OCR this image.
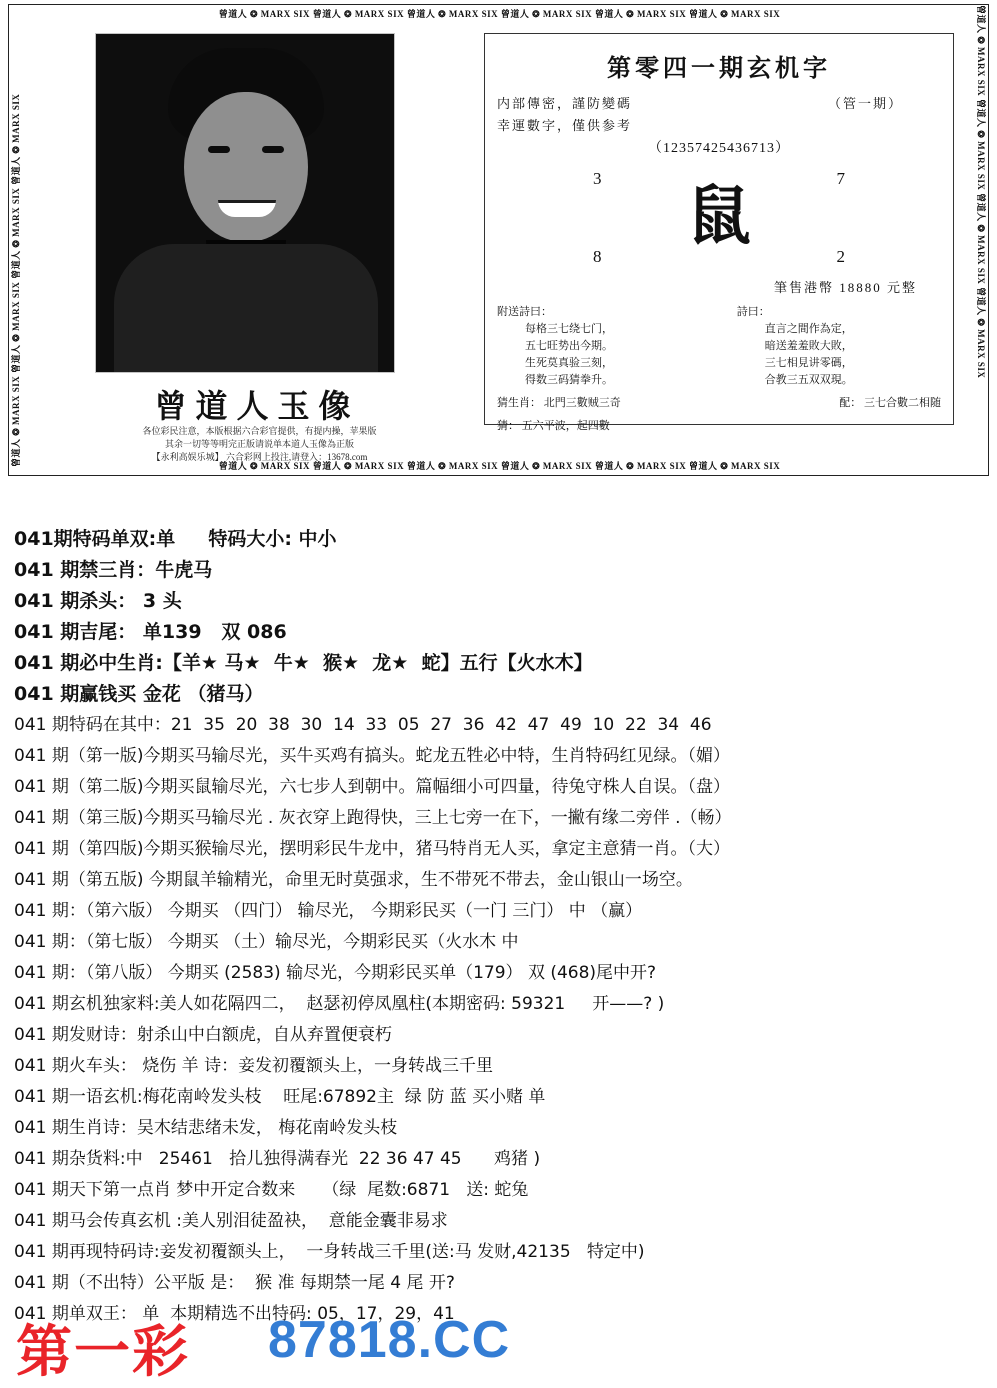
曾道人 ❂ MARX SIX 曾道人 ❂ MARX SIX 曾道人 ❂ MARX SIX 曾道人 ❂ MARX SIX 曾道人 ❂ MARX SIX 曾道人 ❂ MARX SIX
曾道人 ❂ MARX SIX 曾道人 ❂ MARX SIX 曾道人 ❂ MARX SIX 曾道人 ❂ MARX SIX 曾道人 ❂ MARX SIX 曾道人 ❂ MARX SIX
曾道人 ❂ MARX SIX 曾道人 ❂ MARX SIX 曾道人 ❂ MARX SIX 曾道人 ❂ MARX SIX	曾道人 ❂ MARX SIX 曾道人 ❂ MARX SIX 曾道人 ❂ MARX SIX 曾道人 ❂ MARX SIX
曾道人玉像
各位彩民注意，本版根据六合彩官提供，有提内操，苹果版
其余一切等等明完正版请说单本道人玉像為正版
【永利高娱乐城】 六合彩网上投注,请登入：13678.com
第零四一期玄机字
内部傳密，謹防變碼	（管一期）
幸運數字，僅供参考
（12357425436713）
3	7
鼠
8	2
筆售港幣 18880 元整
附送詩曰：
每格三七绕七门，
五七旺势出今期。
生死莫真验三刻，
得数三码猜拳升。
詩曰：
直言之間作為定，
暗送羞羞敗大敗，
三七相見讲零碼，
合教三五双双現。
猜生肖： 北門三數贼三奇	配： 三七合數二相随
猜： 五六平波，起四數
041期特码单双:单     特码大小: 中小
041 期禁三肖：牛虎马
041 期杀头： 3 头
041 期吉尾： 单139   双 086
041 期必中生肖:【羊★ 马★  牛★  猴★  龙★  蛇】五行【火水木】
041 期赢钱买 金花 （猪马）
041 期特码在其中：21  35  20  38  30  14  33  05  27  36  42  47  49  10  22  34  46
041 期（第一版)今期买马输尽光，买牛买鸡有搞头。蛇龙五牲必中特，生肖特码红见绿。（媚）
041 期（第二版)今期买鼠输尽光，六七步人到朝中。篇幅细小可四量，待兔守株人自误。（盘）
041 期（第三版)今期买马输尽光 . 灰衣穿上跑得快，三上七旁一在下，一撇有缘二旁伴 .（畅）
041 期（第四版)今期买猴输尽光，摆明彩民牛龙中，猪马特肖无人买，拿定主意猜一肖。（大）
041 期（第五版) 今期鼠羊输精光，命里无时莫强求，生不带死不带去，金山银山一场空。
041 期：（第六版） 今期买 （四门） 输尽光， 今期彩民买（一门 三门） 中 （赢）
041 期：（第七版） 今期买 （土）输尽光，今期彩民买（火水木 中
041 期：（第八版） 今期买 (2583) 输尽光，今期彩民买单（179） 双 (468)尾中开?
041 期玄机独家料:美人如花隔四二，  赵瑟初停凤凰柱(本期密码: 59321     开——? )
041 期发财诗：射杀山中白额虎，自从弃置便衰朽
041 期火车头： 烧伤 羊 诗：妾发初覆额头上，一身转战三千里
041 期一语玄机:梅花南岭发头枝    旺尾:67892主  绿 防 蓝 买小赌 单
041 期生肖诗：吴木结悲绪未发， 梅花南岭发头枝
041 期杂货料:中   25461   拾儿独得满春光  22 36 47 45      鸡猪 )
041 期天下第一点肖 梦中开定合数来     （绿  尾数:6871   送: 蛇兔
041 期马会传真玄机 :美人别泪徒盈袂，  意能金囊非易求
041 期再现特码诗:妾发初覆额头上，  一身转战三千里(送:马 发财,42135   特定中)
041 期（不出特）公平版 是：  猴 准 每期禁一尾 4 尾 开?
041 期单双王： 单  本期精选不出特码: 05，17，29，41
第一彩 87818.CC
